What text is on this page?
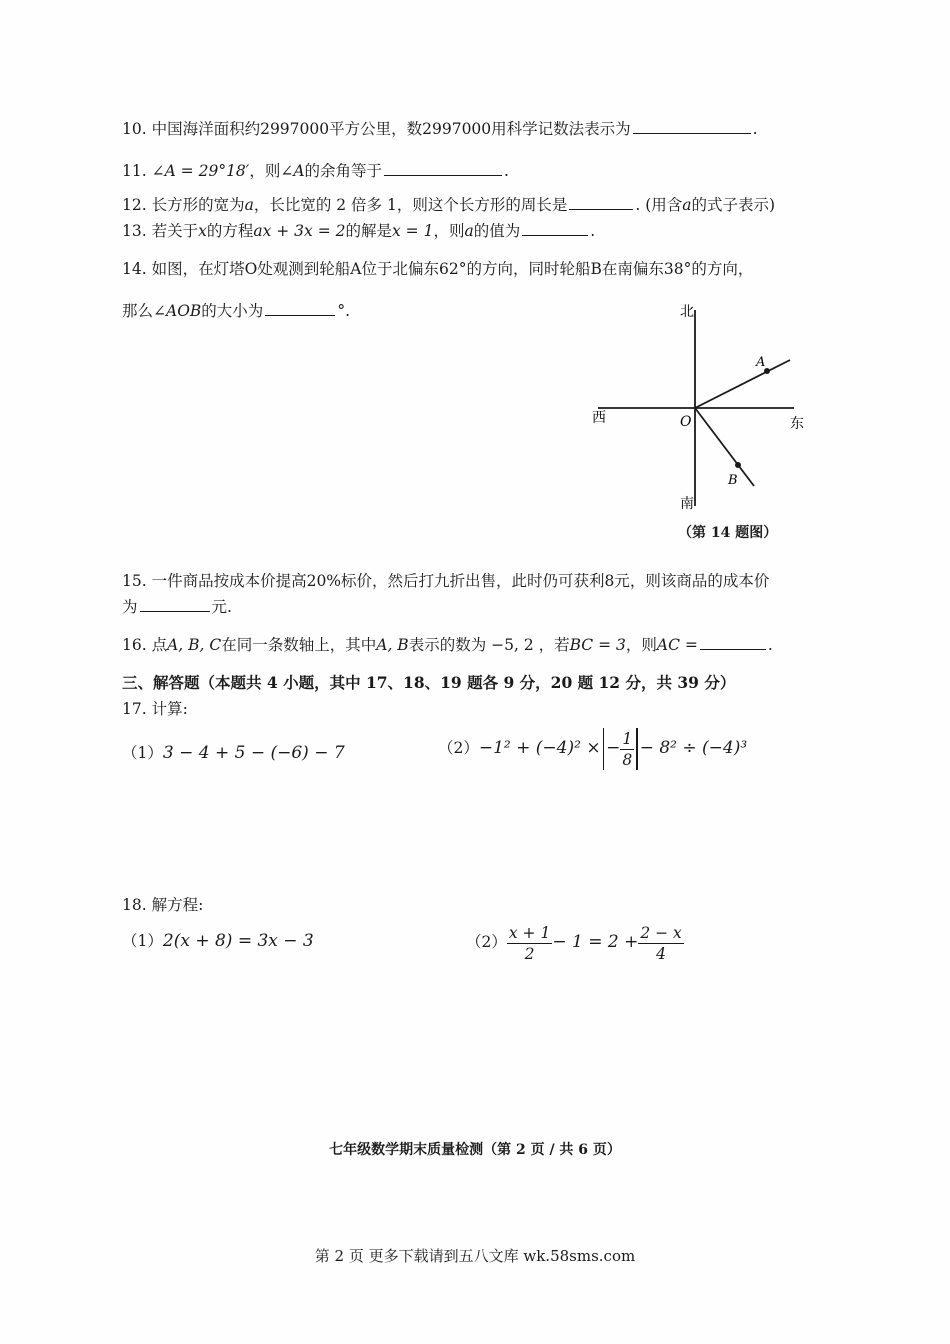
10. 中国海洋面积约2997000平方公里，数2997000用科学记数法表示为	.
11. ∠A = 29°18′，则∠A的余角等于	.
12. 长方形的宽为a，长比宽的 2 倍多 1，则这个长方形的周长是	. (用含a的式子表示)
13. 若关于x的方程ax + 3x = 2的解是x = 1，则a的值为	.
14. 如图，在灯塔O处观测到轮船A位于北偏东62°的方向，同时轮船B在南偏东38°的方向，
那么∠AOB的大小为	°.	北
南
西	东
O
A
B
（第 14 题图）
15. 一件商品按成本价提高20%标价，然后打九折出售，此时仍可获利8元，则该商品的成本价
为	元.
16. 点A, B, C在同一条数轴上，其中A, B表示的数为 −5, 2 ，若BC = 3，则AC =	.
三、解答题（本题共 4 小题，其中 17、18、19 题各 9 分，20 题 12 分，共 39 分）
17. 计算:
（1）3 − 4 + 5 − (−6) − 7	（2）−1² + (−4)² × − $\frac{1}{8} - 8^2 \div (-4)^3$
18. 解方程:
（1）2(x + 8) = 3x − 3	$(2) \frac{x + 1}{2} - 1 = 2 + \frac{2 - x}{4}$
七年级数学期末质量检测（第 2 页 / 共 6 页）
第 2 页 更多下载请到五八文库 wk.58sms.com
